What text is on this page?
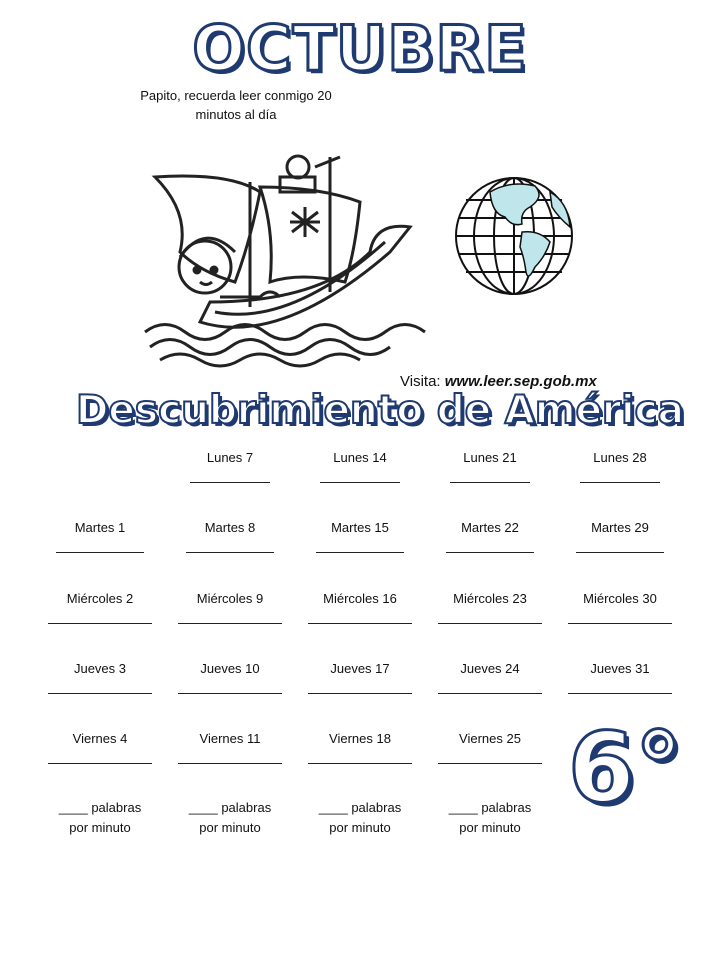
OCTUBRE
Papito, recuerda leer conmigo 20 minutos al día
Visita: www.leer.sep.gob.mx
Descubrimiento de América
Martes 1
Miércoles 2
Jueves 3
Viernes 4
Lunes 7
Martes 8
Miércoles 9
Jueves 10
Viernes 11
Lunes 14
Martes 15
Miércoles 16
Jueves 17
Viernes 18
Lunes 21
Martes 22
Miércoles 23
Jueves 24
Viernes 25
Lunes 28
Martes 29
Miércoles 30
Jueves 31
____ palabras
por minuto
____ palabras
por minuto
____ palabras
por minuto
____ palabras
por minuto
6°
